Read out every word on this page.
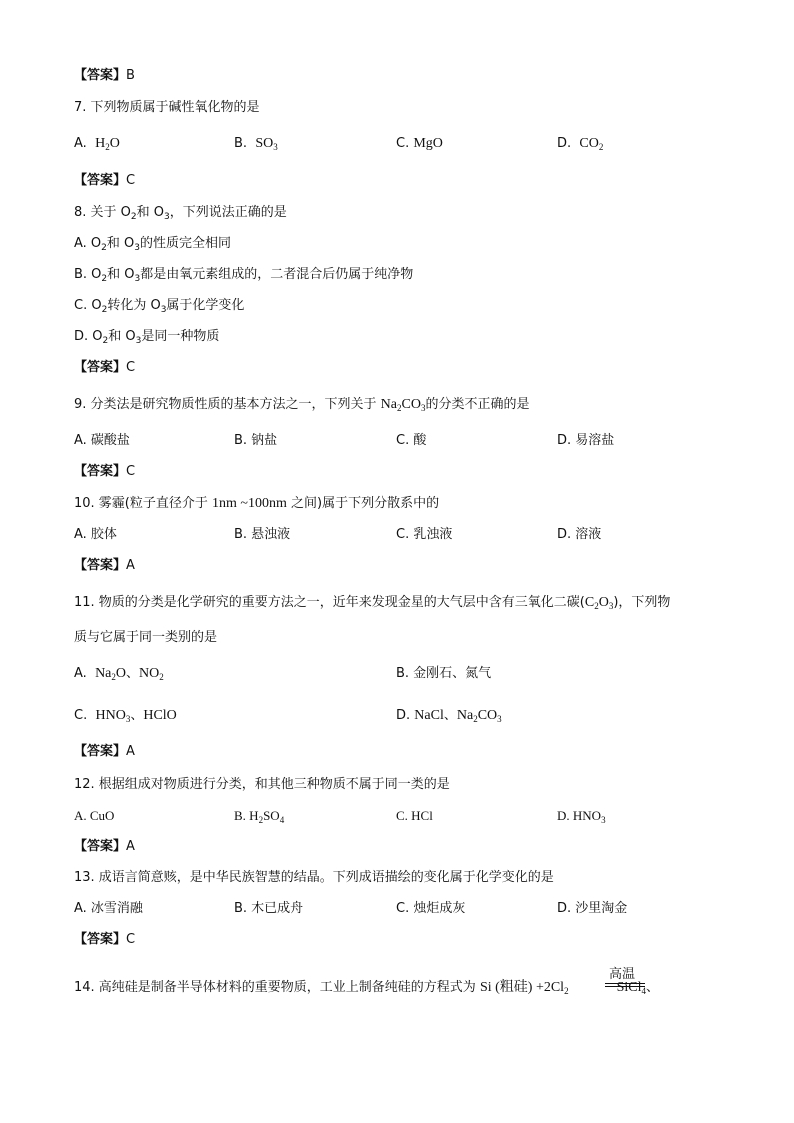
【答案】B
7. 下列物质属于碱性氧化物的是
A. $H_2O$	B. $SO_3$	C. MgO	D. $CO_2$
【答案】C
8. 关于 $O_2$和 $O_3$，下列说法正确的是
A. $O_2$和 $O_3$的性质完全相同
B. $O_2$和 $O_3$都是由氧元素组成的，二者混合后仍属于纯净物
C. $O_2$转化为 $O_3$属于化学变化
D. $O_2$和 $O_3$是同一种物质
【答案】C
9. 分类法是研究物质性质的基本方法之一，下列关于 $Na_2CO_3$的分类不正确的是
A. 碳酸盐	B. 钠盐	C. 酸	D. 易溶盐
【答案】C
10. 雾霾(粒子直径介于 1nm ~100nm 之间)属于下列分散系中的
A. 胶体	B. 悬浊液	C. 乳浊液	D. 溶液
【答案】A
11. 物质的分类是化学研究的重要方法之一，近年来发现金星的大气层中含有三氧化二碳$(C_2O_3)$，下列物
质与它属于同一类别的是
A. $Na_2O$、$NO_2$	B. 金刚石、氮气
C. $HNO_3$、HClO	D. NaCl、$Na_2CO_3$
【答案】A
12. 根据组成对物质进行分类，和其他三种物质不属于同一类的是
A. CuO	B. $H_2SO_4$	C. HCl	D. $HNO_3$
【答案】A
13. 成语言简意赅，是中华民族智慧的结晶。下列成语描绘的变化属于化学变化的是
A. 冰雪消融	B. 木已成舟	C. 烛炬成灰	D. 沙里淘金
【答案】C
14. 高纯硅是制备半导体材料的重要物质，工业上制备纯硅的方程式为 Si (粗硅) $+2Cl_2$	SiCl$_4$、
高温
